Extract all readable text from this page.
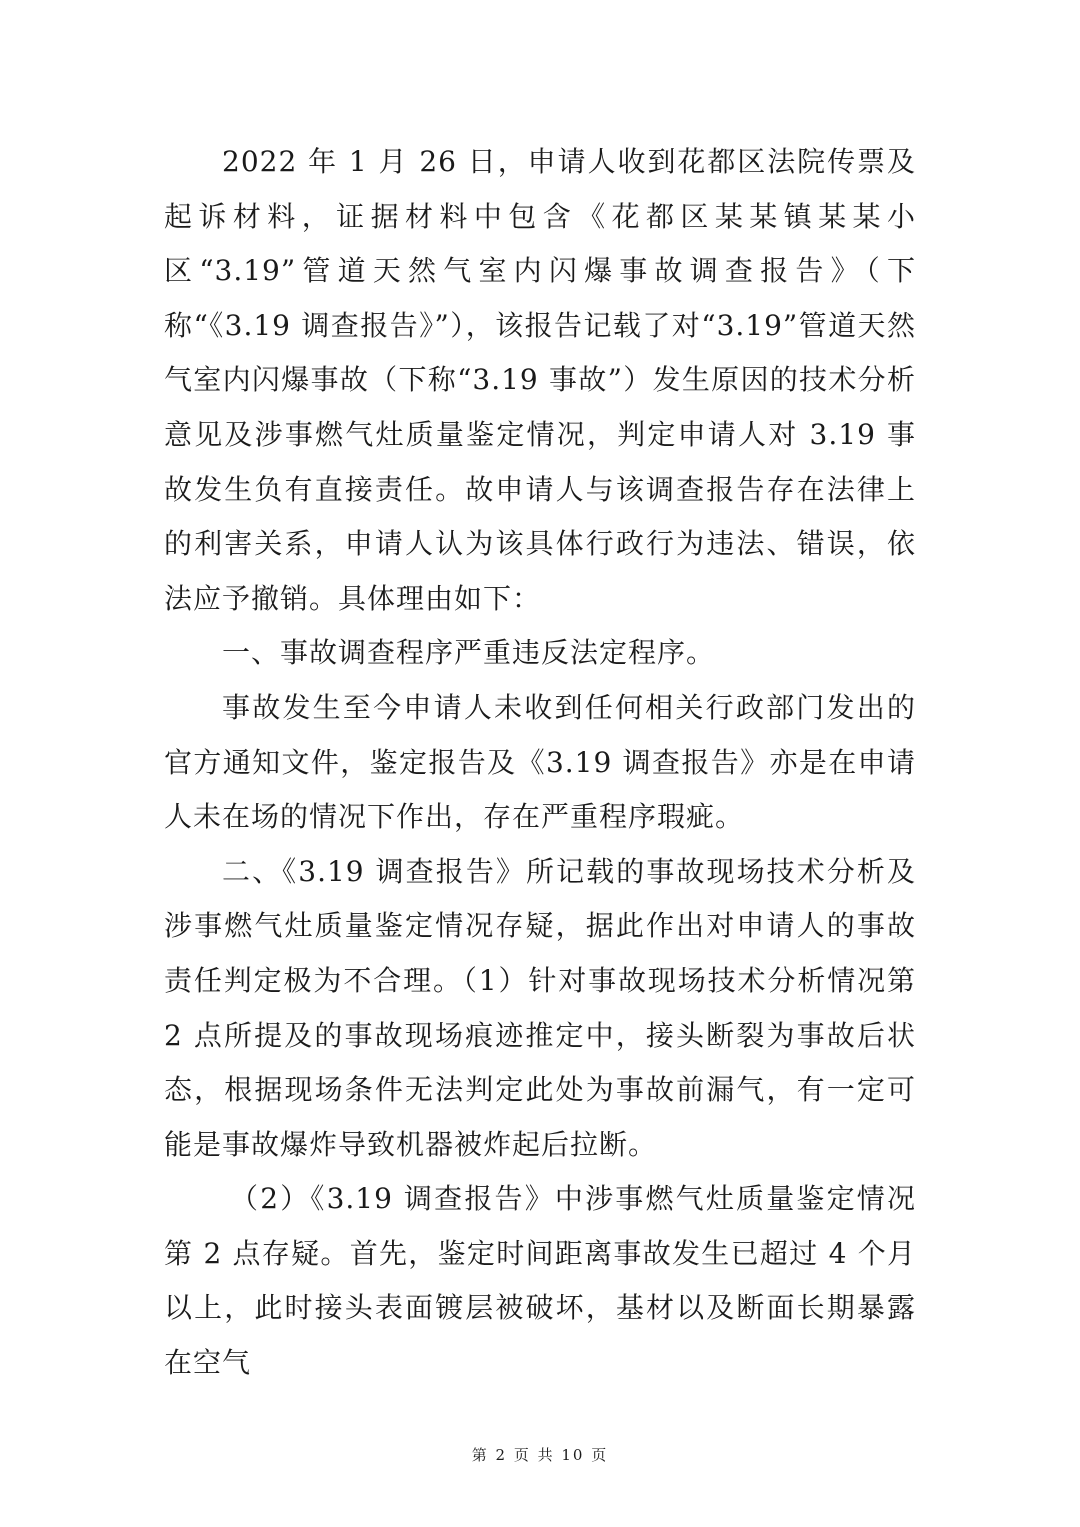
2022 年 1 月 26 日，申请人收到花都区法院传票及起诉材料，证据材料中包含《花都区某某镇某某小区“3.19”管道天然气室内闪爆事故调查报告》（下称“《3.19 调查报告》”），该报告记载了对“3.19”管道天然气室内闪爆事故（下称“3.19 事故”）发生原因的技术分析意见及涉事燃气灶质量鉴定情况，判定申请人对 3.19 事故发生负有直接责任。故申请人与该调查报告存在法律上的利害关系，申请人认为该具体行政行为违法、错误，依法应予撤销。具体理由如下：

一、事故调查程序严重违反法定程序。

事故发生至今申请人未收到任何相关行政部门发出的官方通知文件，鉴定报告及《3.19 调查报告》亦是在申请人未在场的情况下作出，存在严重程序瑕疵。

二、《3.19 调查报告》所记载的事故现场技术分析及涉事燃气灶质量鉴定情况存疑，据此作出对申请人的事故责任判定极为不合理。（1）针对事故现场技术分析情况第 2 点所提及的事故现场痕迹推定中，接头断裂为事故后状态，根据现场条件无法判定此处为事故前漏气，有一定可能是事故爆炸导致机器被炸起后拉断。

（2）《3.19 调查报告》中涉事燃气灶质量鉴定情况第 2 点存疑。首先，鉴定时间距离事故发生已超过 4 个月以上，此时接头表面镀层被破坏，基材以及断面长期暴露在空气

第 2 页 共 10 页
